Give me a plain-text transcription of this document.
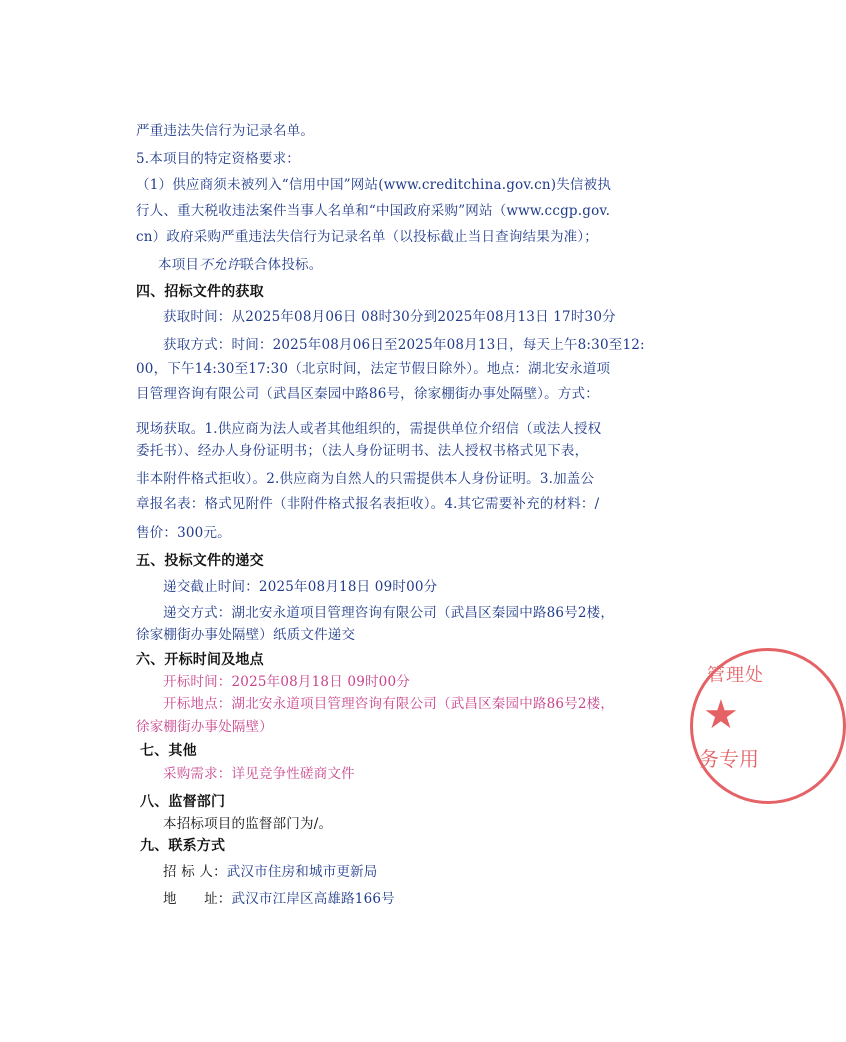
严重违法失信行为记录名单。
5.本项目的特定资格要求：
（1）供应商须未被列入“信用中国”网站(www.creditchina.gov.cn)失信被执
行人、重大税收违法案件当事人名单和“中国政府采购”网站（www.ccgp.gov.
cn）政府采购严重违法失信行为记录名单（以投标截止当日查询结果为准）；
本项目不允许联合体投标。
四、招标文件的获取
获取时间：从2025年08月06日 08时30分到2025年08月13日 17时30分
获取方式：时间：2025年08月06日至2025年08月13日，每天上午8:30至12:
00，下午14:30至17:30（北京时间，法定节假日除外）。地点：湖北安永道项
目管理咨询有限公司（武昌区秦园中路86号，徐家棚街办事处隔壁）。方式：
现场获取。1.供应商为法人或者其他组织的，需提供单位介绍信（或法人授权
委托书）、经办人身份证明书；（法人身份证明书、法人授权书格式见下表，
非本附件格式拒收）。2.供应商为自然人的只需提供本人身份证明。3.加盖公
章报名表：格式见附件（非附件格式报名表拒收）。4.其它需要补充的材料：/
售价：300元。
五、投标文件的递交
递交截止时间：2025年08月18日 09时00分
递交方式：湖北安永道项目管理咨询有限公司（武昌区秦园中路86号2楼，
徐家棚街办事处隔壁）纸质文件递交
六、开标时间及地点
开标时间：2025年08月18日 09时00分
开标地点：湖北安永道项目管理咨询有限公司（武昌区秦园中路86号2楼，
徐家棚街办事处隔壁）
七、其他
采购需求：详见竞争性磋商文件
八、监督部门
本招标项目的监督部门为/。
九、联系方式
招 标 人：武汉市住房和城市更新局
地　　址：武汉市江岸区高雄路166号
管理处
★
务专用
